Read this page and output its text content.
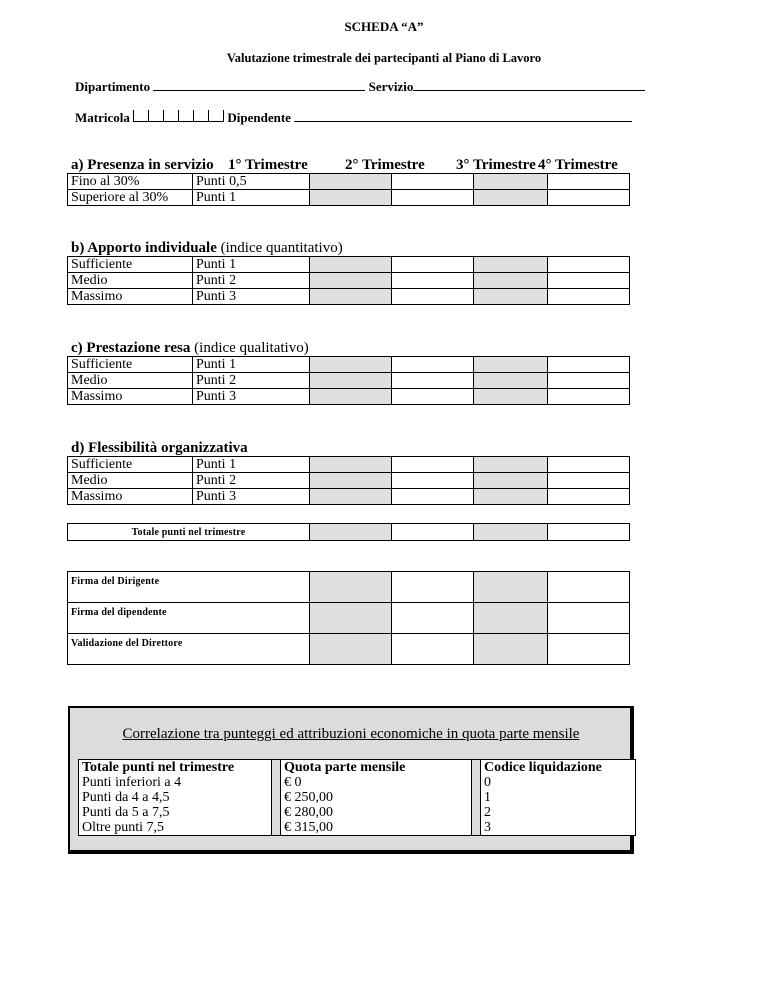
SCHEDA “A”
Valutazione trimestrale dei partecipanti al Piano di Lavoro
Dipartimento	Servizio
Matricola	Dipendente
a) Presenza in servizio 1° Trimestre 2° Trimestre 3° Trimestre 4° Trimestre
Fino al 30%	Punti 0,5				
Superiore al 30%	Punti 1				
b) Apporto individuale (indice quantitativo)
Sufficiente	Punti 1				
Medio	Punti 2				
Massimo	Punti 3				
c) Prestazione resa (indice qualitativo)
Sufficiente	Punti 1				
Medio	Punti 2				
Massimo	Punti 3				
d) Flessibilità organizzativa
Sufficiente	Punti 1				
Medio	Punti 2				
Massimo	Punti 3				
Totale punti nel trimestre				
Firma del Dirigente				
Firma del dipendente				
Validazione del Direttore				
Correlazione tra punteggi ed attribuzioni economiche in quota parte mensile
Totale punti nel trimestre		Quota parte mensile		Codice liquidazione
Punti inferiori a 4		€ 0		0
Punti da 4 a 4,5		€ 250,00		1
Punti da 5 a 7,5		€ 280,00		2
Oltre punti 7,5		€ 315,00		3
